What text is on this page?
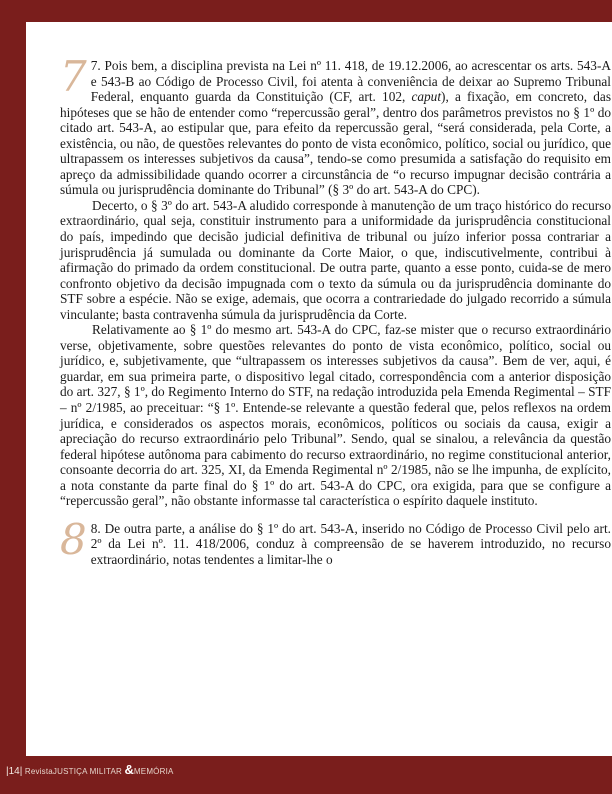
7 7. Pois bem, a disciplina prevista na Lei nº 11. 418, de 19.12.2006, ao acrescentar os arts. 543-A e 543-B ao Código de Processo Civil, foi atenta à conveniência de deixar ao Supremo Tribunal Federal, enquanto guarda da Constituição (CF, art. 102, caput), a fixação, em concreto, das hipóteses que se hão de entender como “repercussão geral”, dentro dos parâmetros previstos no § 1º do citado art. 543-A, ao estipular que, para efeito da repercussão geral, “será considerada, pela Corte, a existência, ou não, de questões relevantes do ponto de vista econômico, político, social ou jurídico, que ultrapassem os interesses subjetivos da causa”, tendo-se como presumida a satisfação do requisito em apreço da admissibilidade quando ocorrer a circunstância de “o recurso impugnar decisão contrária a súmula ou jurisprudência dominante do Tribunal” (§ 3º do art. 543-A do CPC).

Decerto, o § 3º do art. 543-A aludido corresponde à manutenção de um traço histórico do recurso extraordinário, qual seja, constituir instrumento para a uniformidade da jurisprudência constitucional do país, impedindo que decisão judicial definitiva de tribunal ou juízo inferior possa contrariar a jurisprudência já sumulada ou dominante da Corte Maior, o que, indiscutivelmente, contribui à afirmação do primado da ordem constitucional. De outra parte, quanto a esse ponto, cuida-se de mero confronto objetivo da decisão impugnada com o texto da súmula ou da jurisprudência dominante do STF sobre a espécie. Não se exige, ademais, que ocorra a contrariedade do julgado recorrido a súmula vinculante; basta contravenha súmula da jurisprudência da Corte.

Relativamente ao § 1º do mesmo art. 543-A do CPC, faz-se mister que o recurso extraordinário verse, objetivamente, sobre questões relevantes do ponto de vista econômico, político, social ou jurídico, e, subjetivamente, que “ultrapassem os interesses subjetivos da causa”. Bem de ver, aqui, é guardar, em sua primeira parte, o dispositivo legal citado, correspondência com a anterior disposição do art. 327, § 1º, do Regimento Interno do STF, na redação introduzida pela Emenda Regimental – STF – nº 2/1985, ao preceituar: “§ 1º. Entende-se relevante a questão federal que, pelos reflexos na ordem jurídica, e considerados os aspectos morais, econômicos, políticos ou sociais da causa, exigir a apreciação do recurso extraordinário pelo Tribunal”. Sendo, qual se sinalou, a relevância da questão federal hipótese autônoma para cabimento do recurso extraordinário, no regime constitucional anterior, consoante decorria do art. 325, XI, da Emenda Regimental nº 2/1985, não se lhe impunha, de explícito, a nota constante da parte final do § 1º do art. 543-A do CPC, ora exigida, para que se configure a “repercussão geral”, não obstante informasse tal característica o espírito daquele instituto.

8 8. De outra parte, a análise do § 1º do art. 543-A, inserido no Código de Processo Civil pelo art. 2º da Lei nº. 11. 418/2006, conduz à compreensão de se haverem introduzido, no recurso extraordinário, notas tendentes a limitar-lhe o

|14| RevistaJUSTIÇA MILITAR &MEMÓRIA
